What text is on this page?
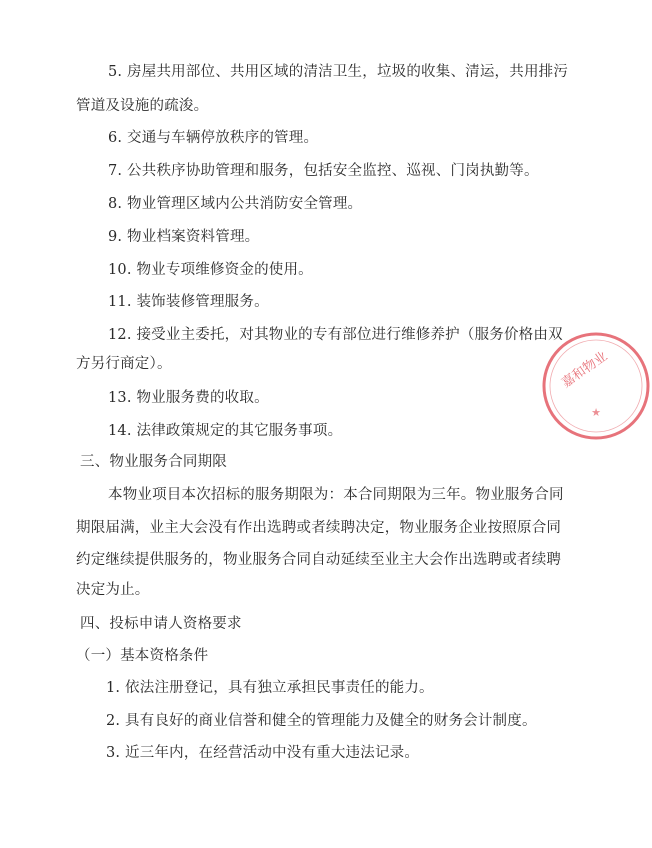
5. 房屋共用部位、共用区域的清洁卫生，垃圾的收集、清运，共用排污
管道及设施的疏浚。
6. 交通与车辆停放秩序的管理。
7. 公共秩序协助管理和服务，包括安全监控、巡视、门岗执勤等。
8. 物业管理区域内公共消防安全管理。
9. 物业档案资料管理。
10. 物业专项维修资金的使用。
11. 装饰装修管理服务。
12. 接受业主委托，对其物业的专有部位进行维修养护（服务价格由双
方另行商定）。
13. 物业服务费的收取。
14. 法律政策规定的其它服务事项。
三、物业服务合同期限
本物业项目本次招标的服务期限为：本合同期限为三年。物业服务合同
期限届满，业主大会没有作出选聘或者续聘决定，物业服务企业按照原合同
约定继续提供服务的，物业服务合同自动延续至业主大会作出选聘或者续聘
决定为止。
四、投标申请人资格要求
（一）基本资格条件
1. 依法注册登记，具有独立承担民事责任的能力。
2. 具有良好的商业信誉和健全的管理能力及健全的财务会计制度。
3. 近三年内，在经营活动中没有重大违法记录。
嘉和物业
★
